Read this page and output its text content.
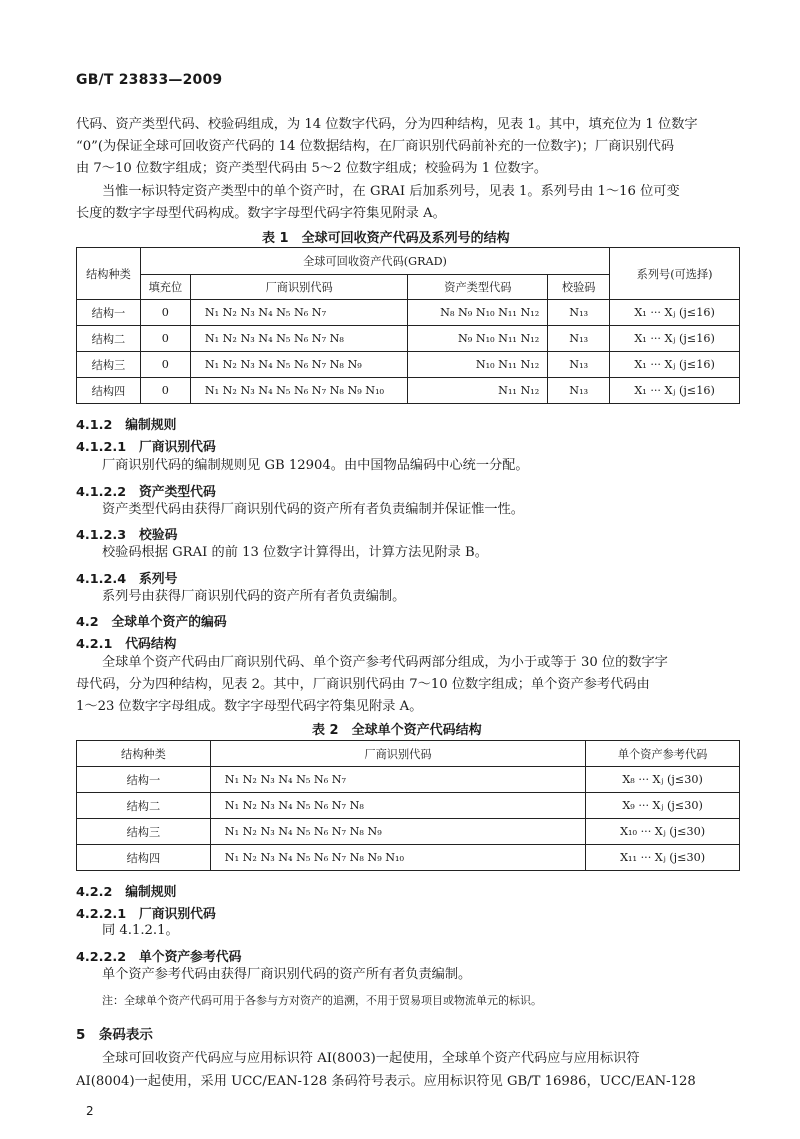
GB/T 23833—2009
代码、资产类型代码、校验码组成，为 14 位数字代码，分为四种结构，见表 1。其中，填充位为 1 位数字
“0”(为保证全球可回收资产代码的 14 位数据结构，在厂商识别代码前补充的一位数字)；厂商识别代码
由 7～10 位数字组成；资产类型代码由 5～2 位数字组成；校验码为 1 位数字。
当惟一标识特定资产类型中的单个资产时，在 GRAI 后加系列号，见表 1。系列号由 1～16 位可变
长度的数字字母型代码构成。数字字母型代码字符集见附录 A。
表 1　全球可回收资产代码及系列号的结构
结构种类	全球可回收资产代码(GRAD)				系列号(可选择)
	填充位	厂商识别代码	资产类型代码	校验码	
结构一	0	N₁ N₂ N₃ N₄ N₅ N₆ N₇	N₈ N₉ N₁₀ N₁₁ N₁₂	N₁₃	X₁ ··· Xⱼ (j≤16)
结构二	0	N₁ N₂ N₃ N₄ N₅ N₆ N₇ N₈	N₉ N₁₀ N₁₁ N₁₂	N₁₃	X₁ ··· Xⱼ (j≤16)
结构三	0	N₁ N₂ N₃ N₄ N₅ N₆ N₇ N₈ N₉	N₁₀ N₁₁ N₁₂	N₁₃	X₁ ··· Xⱼ (j≤16)
结构四	0	N₁ N₂ N₃ N₄ N₅ N₆ N₇ N₈ N₉ N₁₀	N₁₁ N₁₂	N₁₃	X₁ ··· Xⱼ (j≤16)
4.1.2　编制规则
4.1.2.1　厂商识别代码
厂商识别代码的编制规则见 GB 12904。由中国物品编码中心统一分配。
4.1.2.2　资产类型代码
资产类型代码由获得厂商识别代码的资产所有者负责编制并保证惟一性。
4.1.2.3　校验码
校验码根据 GRAI 的前 13 位数字计算得出，计算方法见附录 B。
4.1.2.4　系列号
系列号由获得厂商识别代码的资产所有者负责编制。
4.2　全球单个资产的编码
4.2.1　代码结构
全球单个资产代码由厂商识别代码、单个资产参考代码两部分组成，为小于或等于 30 位的数字字
母代码，分为四种结构，见表 2。其中，厂商识别代码由 7～10 位数字组成；单个资产参考代码由
1～23 位数字字母组成。数字字母型代码字符集见附录 A。
表 2　全球单个资产代码结构
结构种类	厂商识别代码	单个资产参考代码
结构一	N₁ N₂ N₃ N₄ N₅ N₆ N₇	X₈ ··· Xⱼ (j≤30)
结构二	N₁ N₂ N₃ N₄ N₅ N₆ N₇ N₈	X₉ ··· Xⱼ (j≤30)
结构三	N₁ N₂ N₃ N₄ N₅ N₆ N₇ N₈ N₉	X₁₀ ··· Xⱼ (j≤30)
结构四	N₁ N₂ N₃ N₄ N₅ N₆ N₇ N₈ N₉ N₁₀	X₁₁ ··· Xⱼ (j≤30)
4.2.2　编制规则
4.2.2.1　厂商识别代码
同 4.1.2.1。
4.2.2.2　单个资产参考代码
单个资产参考代码由获得厂商识别代码的资产所有者负责编制。
注：全球单个资产代码可用于各参与方对资产的追溯，不用于贸易项目或物流单元的标识。
5　条码表示
全球可回收资产代码应与应用标识符 AI(8003)一起使用，全球单个资产代码应与应用标识符
AI(8004)一起使用，采用 UCC/EAN-128 条码符号表示。应用标识符见 GB/T 16986，UCC/EAN-128
2
